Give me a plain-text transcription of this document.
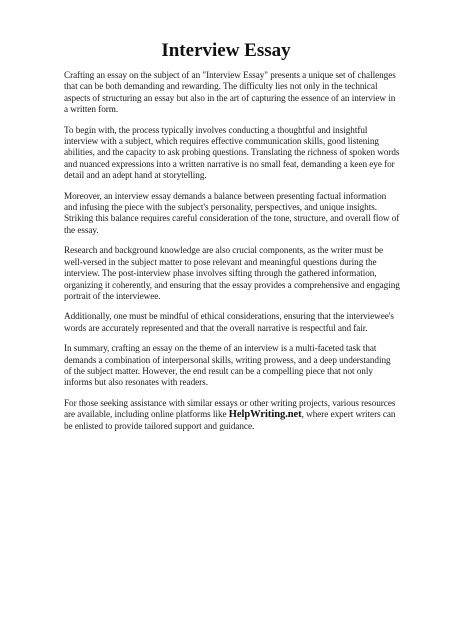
Interview Essay

Crafting an essay on the subject of an "Interview Essay" presents a unique set of challenges that can be both demanding and rewarding. The difficulty lies not only in the technical aspects of structuring an essay but also in the art of capturing the essence of an interview in a written form.

To begin with, the process typically involves conducting a thoughtful and insightful interview with a subject, which requires effective communication skills, good listening abilities, and the capacity to ask probing questions. Translating the richness of spoken words and nuanced expressions into a written narrative is no small feat, demanding a keen eye for detail and an adept hand at storytelling.

Moreover, an interview essay demands a balance between presenting factual information and infusing the piece with the subject's personality, perspectives, and unique insights. Striking this balance requires careful consideration of the tone, structure, and overall flow of the essay.

Research and background knowledge are also crucial components, as the writer must be well-versed in the subject matter to pose relevant and meaningful questions during the interview. The post-interview phase involves sifting through the gathered information, organizing it coherently, and ensuring that the essay provides a comprehensive and engaging portrait of the interviewee.

Additionally, one must be mindful of ethical considerations, ensuring that the interviewee's words are accurately represented and that the overall narrative is respectful and fair.

In summary, crafting an essay on the theme of an interview is a multi-faceted task that demands a combination of interpersonal skills, writing prowess, and a deep understanding of the subject matter. However, the end result can be a compelling piece that not only informs but also resonates with readers.

For those seeking assistance with similar essays or other writing projects, various resources are available, including online platforms like HelpWriting.net, where expert writers can be enlisted to provide tailored support and guidance.
